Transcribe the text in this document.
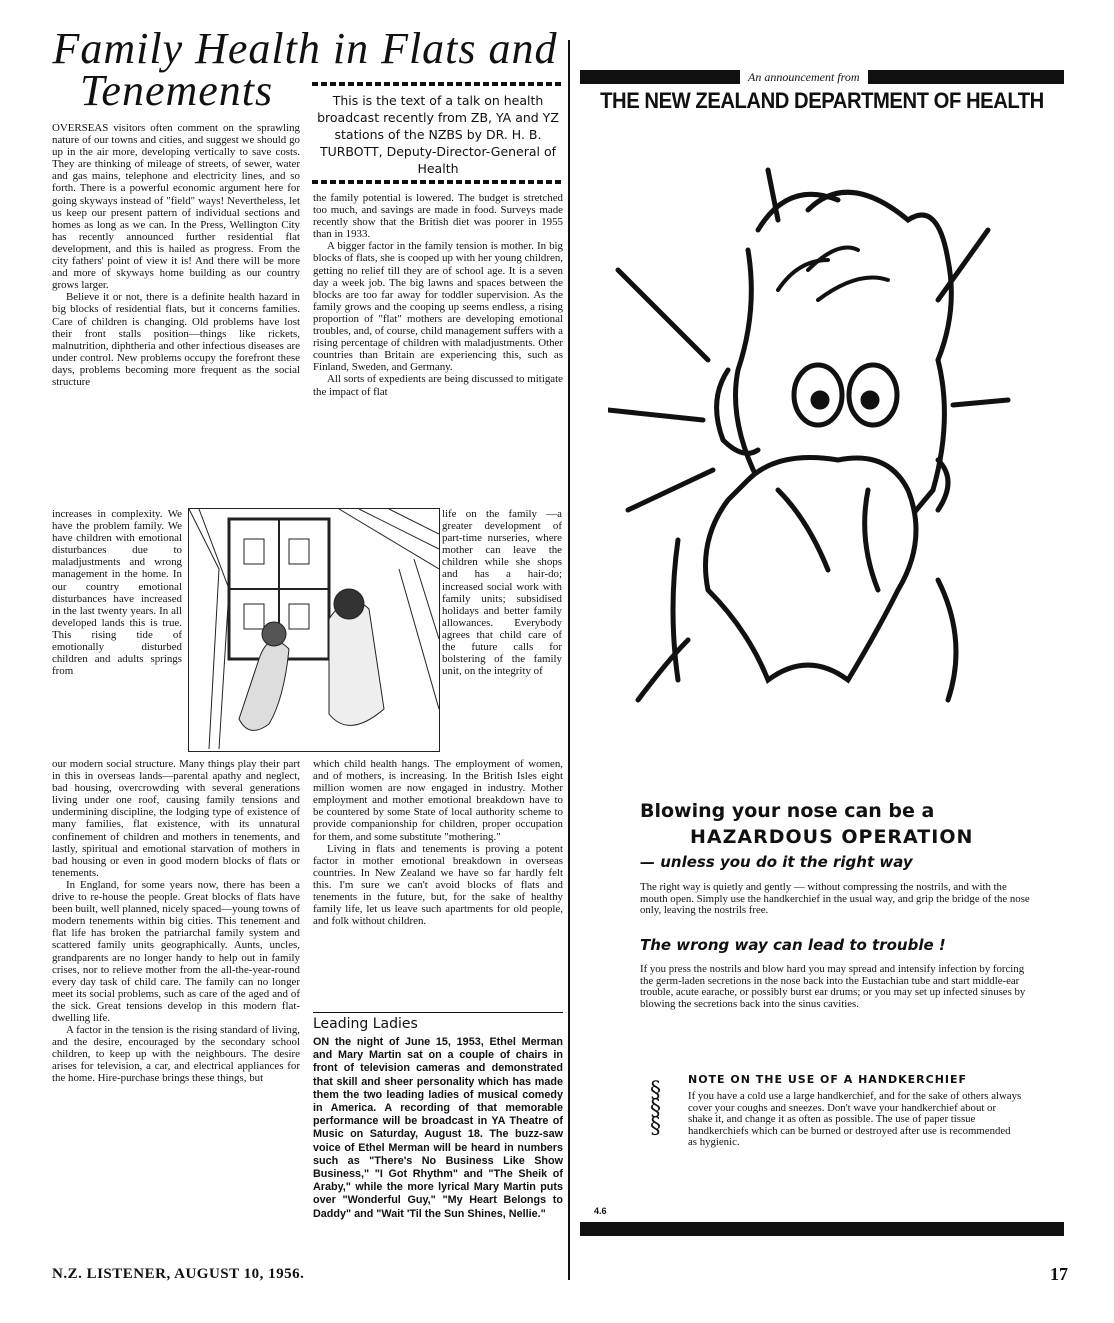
Family Health in Flats and
Tenements	This is the text of a talk on health broadcast recently from ZB, YA and YZ stations of the NZBS by DR. H. B. TURBOTT, Deputy-Director-General of Health

OVERSEAS visitors often comment on the sprawling nature of our towns and cities, and suggest we should go up in the air more, developing vertically to save costs. They are thinking of mileage of streets, of sewer, water and gas mains, telephone and electricity lines, and so forth. There is a powerful economic argument here for going skyways instead of "field" ways! Nevertheless, let us keep our present pattern of individual sections and homes as long as we can. In the Press, Wellington City has recently announced further residential flat development, and this is hailed as progress. From the city fathers' point of view it is! And there will be more and more of skyways home building as our country grows larger.

Believe it or not, there is a definite health hazard in big blocks of residential flats, but it concerns families. Care of children is changing. Old problems have lost their front stalls position—things like rickets, malnutrition, diphtheria and other infectious diseases are under control. New problems occupy the forefront these days, problems becoming more frequent as the social structure

increases in complexity. We have the problem family. We have children with emotional disturbances due to maladjustments and wrong management in the home. In our country emotional disturbances have increased in the last twenty years. In all developed lands this is true. This rising tide of emotionally disturbed children and adults springs from

our modern social structure. Many things play their part in this in overseas lands—parental apathy and neglect, bad housing, overcrowding with several generations living under one roof, causing family tensions and undermining discipline, the lodging type of existence of many families, flat existence, with its unnatural confinement of children and mothers in tenements, and lastly, spiritual and emotional starvation of mothers in bad housing or even in good modern blocks of flats or tenements.

In England, for some years now, there has been a drive to re-house the people. Great blocks of flats have been built, well planned, nicely spaced—young towns of modern tenements within big cities. This tenement and flat life has broken the patriarchal family system and scattered family units geographically. Aunts, uncles, grandparents are no longer handy to help out in family crises, nor to relieve mother from the all-the-year-round every day task of child care. The family can no longer meet its social problems, such as care of the aged and of the sick. Great tensions develop in this modern flat-dwelling life.

A factor in the tension is the rising standard of living, and the desire, encouraged by the secondary school children, to keep up with the neighbours. The desire arises for television, a car, and electrical appliances for the home. Hire-purchase brings these things, but

the family potential is lowered. The budget is stretched too much, and savings are made in food. Surveys made recently show that the British diet was poorer in 1955 than in 1933.

A bigger factor in the family tension is mother. In big blocks of flats, she is cooped up with her young children, getting no relief till they are of school age. It is a seven day a week job. The big lawns and spaces between the blocks are too far away for toddler supervision. As the family grows and the cooping up seems endless, a rising proportion of "flat" mothers are developing emotional troubles, and, of course, child management suffers with a rising percentage of children with maladjustments. Other countries than Britain are experiencing this, such as Finland, Sweden, and Germany.

All sorts of expedients are being discussed to mitigate the impact of flat

life on the family —a greater development of part-time nurseries, where mother can leave the children while she shops and has a hair-do; increased social work with family units; subsidised holidays and better family allowances. Everybody agrees that child care of the future calls for bolstering of the family unit, on the integrity of

which child health hangs. The employment of women, and of mothers, is increasing. In the British Isles eight million women are now engaged in industry. Mother employment and mother emotional breakdown have to be countered by some State of local authority scheme to provide companionship for children, proper occupation for them, and some substitute "mothering."

Living in flats and tenements is proving a potent factor in mother emotional breakdown in overseas countries. In New Zealand we have so far hardly felt this. I'm sure we can't avoid blocks of flats and tenements in the future, but, for the sake of healthy family life, let us leave such apartments for old people, and folk without children.

Leading Ladies
ON the night of June 15, 1953, Ethel Merman and Mary Martin sat on a couple of chairs in front of television cameras and demonstrated that skill and sheer personality which has made them the two leading ladies of musical comedy in America. A recording of that memorable performance will be broadcast in YA Theatre of Music on Saturday, August 18. The buzz-saw voice of Ethel Merman will be heard in numbers such as "There's No Business Like Show Business," "I Got Rhythm" and "The Sheik of Araby," while the more lyrical Mary Martin puts over "Wonderful Guy," "My Heart Belongs to Daddy" and "Wait 'Til the Sun Shines, Nellie."
An announcement from
THE NEW ZEALAND DEPARTMENT OF HEALTH
Blowing your nose can be a
HAZARDOUS OPERATION
— unless you do it the right way
The right way is quietly and gently — without compressing the nostrils, and with the mouth open. Simply use the handkerchief in the usual way, and grip the bridge of the nose only, leaving the nostrils free.
The wrong way can lead to trouble !
If you press the nostrils and blow hard you may spread and intensify infection by forcing the germ-laden secretions in the nose back into the Eustachian tube and start middle-ear trouble, acute earache, or possibly burst ear drums; or you may set up infected sinuses by blowing the secretions back into the sinus cavities.
§
§
§
NOTE ON THE USE OF A HANDKERCHIEF
If you have a cold use a large handkerchief, and for the sake of others always cover your coughs and sneezes. Don't wave your handkerchief about or shake it, and change it as often as possible. The use of paper tissue handkerchiefs which can be burned or destroyed after use is recommended as hygienic.
4.6
N.Z. LISTENER, AUGUST 10, 1956.	17
